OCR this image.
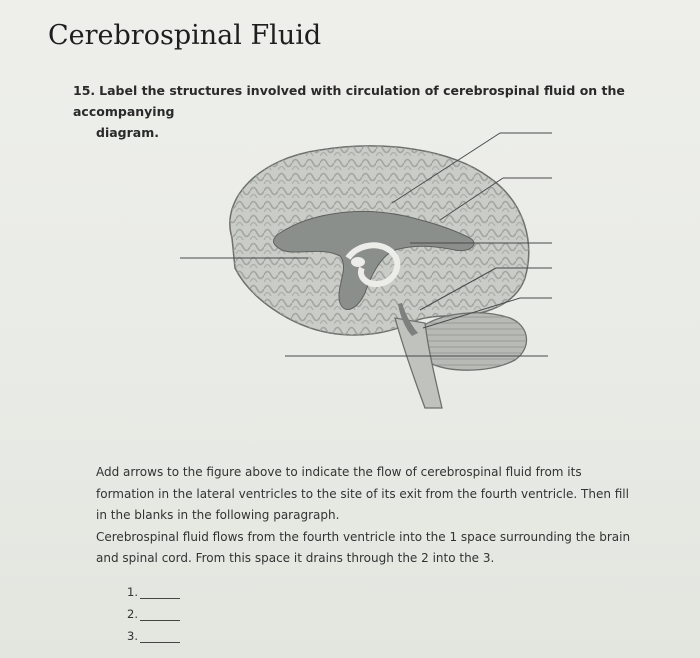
Cerebrospinal Fluid
15. Label the structures involved with circulation of cerebrospinal fluid on the accompanying
diagram.

Add arrows to the figure above to indicate the flow of cerebrospinal fluid from its

formation in the lateral ventricles to the site of its exit from the fourth ventricle. Then fill

in the blanks in the following paragraph.

Cerebrospinal fluid flows from the fourth ventricle into the 1 space surrounding the brain

and spinal cord. From this space it drains through the 2 into the 3.

1.
2.
3.
